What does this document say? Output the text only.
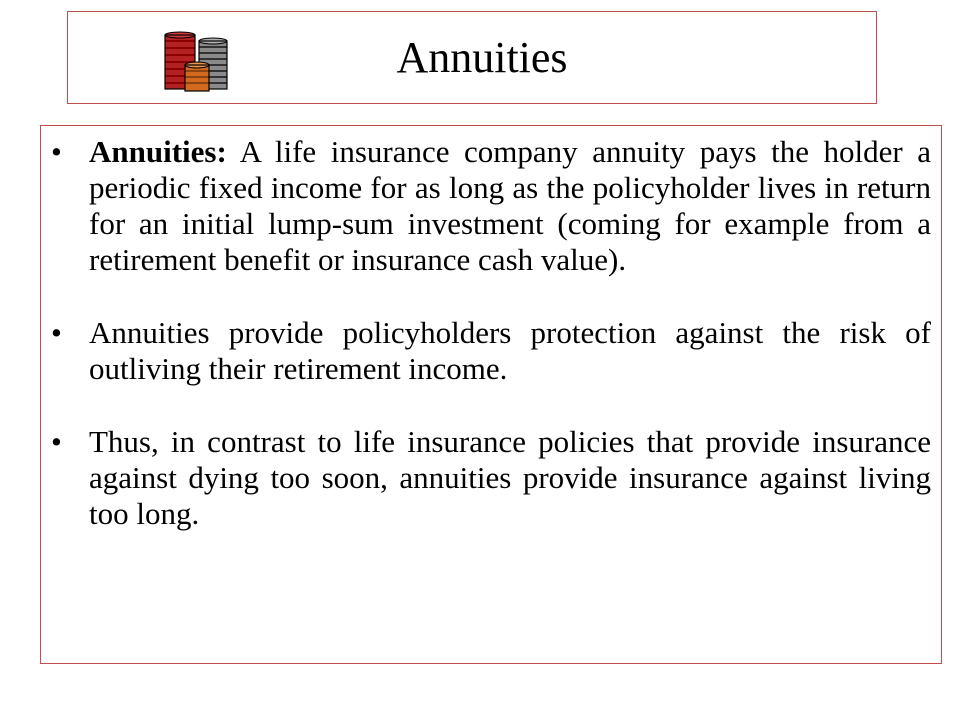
Annuities
• Annuities: A life insurance company annuity pays the holder a periodic fixed income for as long as the policyholder lives in return for an initial lump-sum investment (coming for example from a retirement benefit or insurance cash value).
• Annuities provide policyholders protection against the risk of outliving their retirement income.
• Thus, in contrast to life insurance policies that provide insurance against dying too soon, annuities provide insurance against living too long.
